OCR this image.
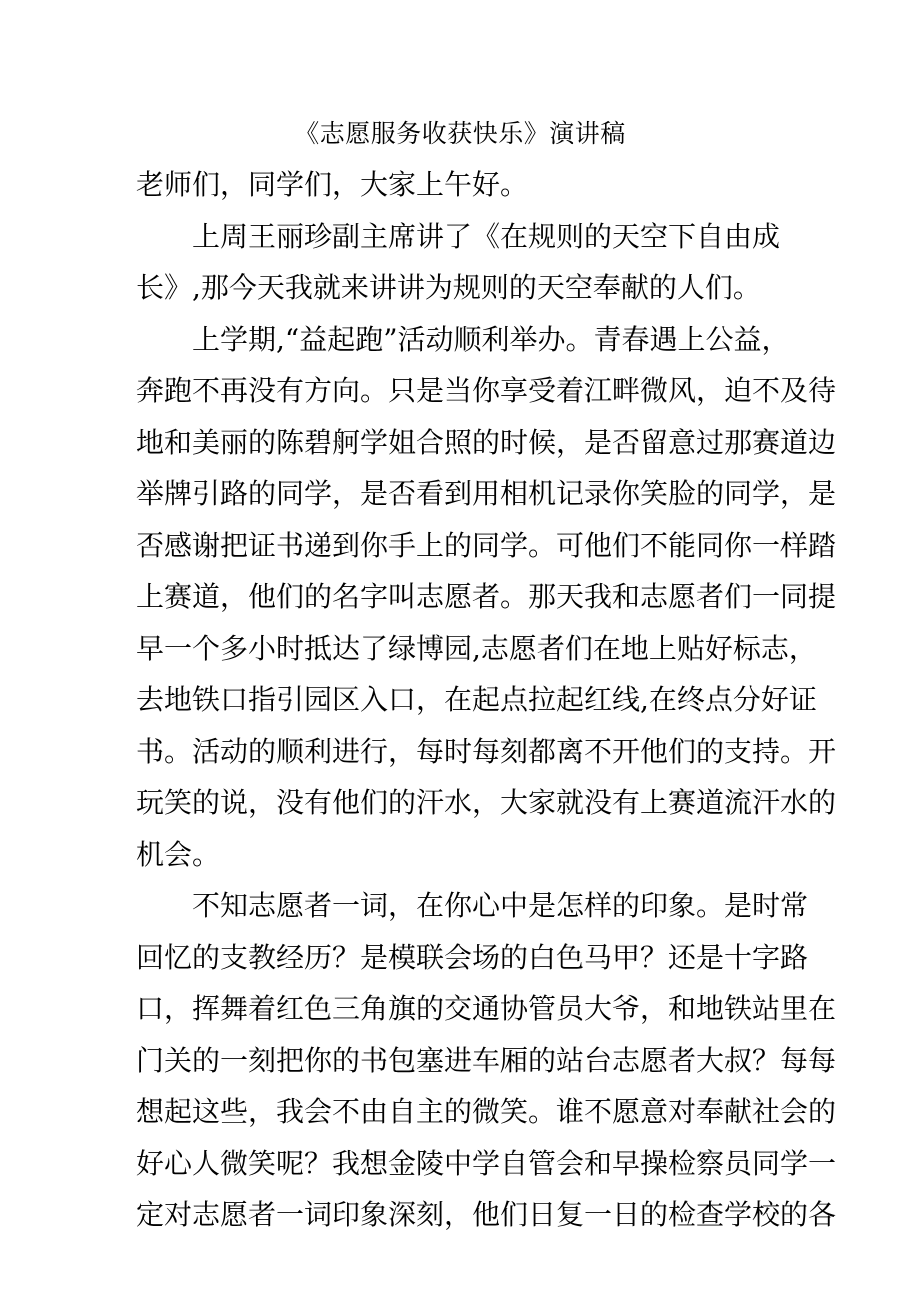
《志愿服务收获快乐》演讲稿
老师们，同学们，大家上午好。
上周王丽珍副主席讲了《在规则的天空下自由成
长》,那今天我就来讲讲为规则的天空奉献的人们。
上学期,“益起跑”活动顺利举办。青春遇上公益，
奔跑不再没有方向。只是当你享受着江畔微风，迫不及待
地和美丽的陈碧舸学姐合照的时候，是否留意过那赛道边
举牌引路的同学，是否看到用相机记录你笑脸的同学，是
否感谢把证书递到你手上的同学。可他们不能同你一样踏
上赛道，他们的名字叫志愿者。那天我和志愿者们一同提
早一个多小时抵达了绿博园,志愿者们在地上贴好标志，
去地铁口指引园区入口，在起点拉起红线,在终点分好证
书。活动的顺利进行，每时每刻都离不开他们的支持。开
玩笑的说，没有他们的汗水，大家就没有上赛道流汗水的
机会。
不知志愿者一词，在你心中是怎样的印象。是时常
回忆的支教经历？是模联会场的白色马甲？还是十字路
口，挥舞着红色三角旗的交通协管员大爷，和地铁站里在
门关的一刻把你的书包塞进车厢的站台志愿者大叔？每每
想起这些，我会不由自主的微笑。谁不愿意对奉献社会的
好心人微笑呢？我想金陵中学自管会和早操检察员同学一
定对志愿者一词印象深刻，他们日复一日的检查学校的各
